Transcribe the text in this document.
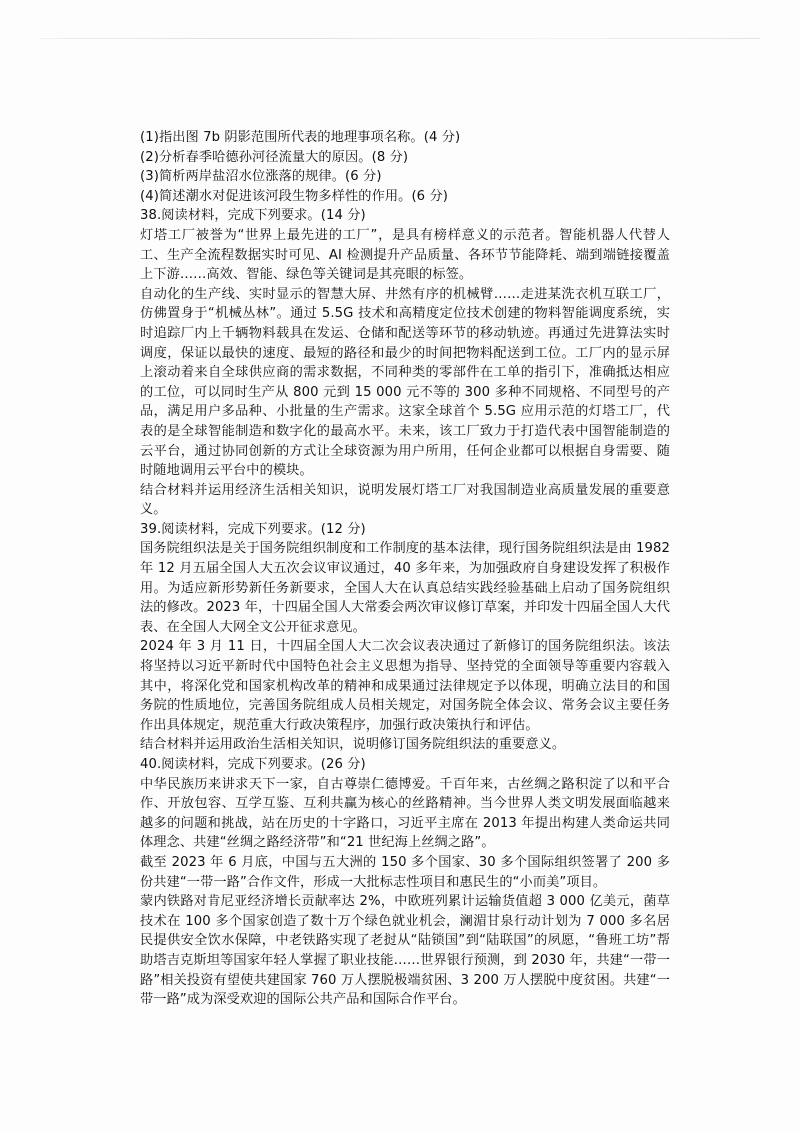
(1)指出图 7b 阴影范围所代表的地理事项名称。(4 分)
(2)分析春季哈德孙河径流量大的原因。(8 分)
(3)简析两岸盐沼水位涨落的规律。(6 分)
(4)简述潮水对促进该河段生物多样性的作用。(6 分)
38.阅读材料，完成下列要求。(14 分)

灯塔工厂被誉为“世界上最先进的工厂”，是具有榜样意义的示范者。智能机器人代替人工、生产全流程数据实时可见、AI 检测提升产品质量、各环节节能降耗、端到端链接覆盖上下游……高效、智能、绿色等关键词是其亮眼的标签。

自动化的生产线、实时显示的智慧大屏、井然有序的机械臂……走进某洗衣机互联工厂，仿佛置身于“机械丛林”。通过 5.5G 技术和高精度定位技术创建的物料智能调度系统，实时追踪厂内上千辆物料载具在发运、仓储和配送等环节的移动轨迹。再通过先进算法实时调度，保证以最快的速度、最短的路径和最少的时间把物料配送到工位。工厂内的显示屏上滚动着来自全球供应商的需求数据，不同种类的零部件在工单的指引下，准确抵达相应的工位，可以同时生产从 800 元到 15 000 元不等的 300 多种不同规格、不同型号的产品，满足用户多品种、小批量的生产需求。这家全球首个 5.5G 应用示范的灯塔工厂，代表的是全球智能制造和数字化的最高水平。未来，该工厂致力于打造代表中国智能制造的云平台，通过协同创新的方式让全球资源为用户所用，任何企业都可以根据自身需要、随时随地调用云平台中的模块。

结合材料并运用经济生活相关知识，说明发展灯塔工厂对我国制造业高质量发展的重要意义。

39.阅读材料，完成下列要求。(12 分)

国务院组织法是关于国务院组织制度和工作制度的基本法律，现行国务院组织法是由 1982 年 12 月五届全国人大五次会议审议通过，40 多年来，为加强政府自身建设发挥了积极作用。为适应新形势新任务新要求，全国人大在认真总结实践经验基础上启动了国务院组织法的修改。2023 年，十四届全国人大常委会两次审议修订草案，并印发十四届全国人大代表、在全国人大网全文公开征求意见。

2024 年 3 月 11 日，十四届全国人大二次会议表决通过了新修订的国务院组织法。该法将坚持以习近平新时代中国特色社会主义思想为指导、坚持党的全面领导等重要内容载入其中，将深化党和国家机构改革的精神和成果通过法律规定予以体现，明确立法目的和国务院的性质地位，完善国务院组成人员相关规定，对国务院全体会议、常务会议主要任务作出具体规定，规范重大行政决策程序，加强行政决策执行和评估。

结合材料并运用政治生活相关知识，说明修订国务院组织法的重要意义。

40.阅读材料，完成下列要求。(26 分)

中华民族历来讲求天下一家，自古尊崇仁德博爱。千百年来，古丝绸之路积淀了以和平合作、开放包容、互学互鉴、互利共赢为核心的丝路精神。当今世界人类文明发展面临越来越多的问题和挑战，站在历史的十字路口，习近平主席在 2013 年提出构建人类命运共同体理念、共建“丝绸之路经济带”和“21 世纪海上丝绸之路”。

截至 2023 年 6 月底，中国与五大洲的 150 多个国家、30 多个国际组织签署了 200 多份共建“一带一路”合作文件，形成一大批标志性项目和惠民生的“小而美”项目。

蒙内铁路对肯尼亚经济增长贡献率达 2%，中欧班列累计运输货值超 3 000 亿美元，菌草技术在 100 多个国家创造了数十万个绿色就业机会，澜湄甘泉行动计划为 7 000 多名居民提供安全饮水保障，中老铁路实现了老挝从“陆锁国”到“陆联国”的夙愿，“鲁班工坊”帮助塔吉克斯坦等国家年轻人掌握了职业技能……世界银行预测，到 2030 年，共建“一带一路”相关投资有望使共建国家 760 万人摆脱极端贫困、3 200 万人摆脱中度贫困。共建“一带一路”成为深受欢迎的国际公共产品和国际合作平台。
